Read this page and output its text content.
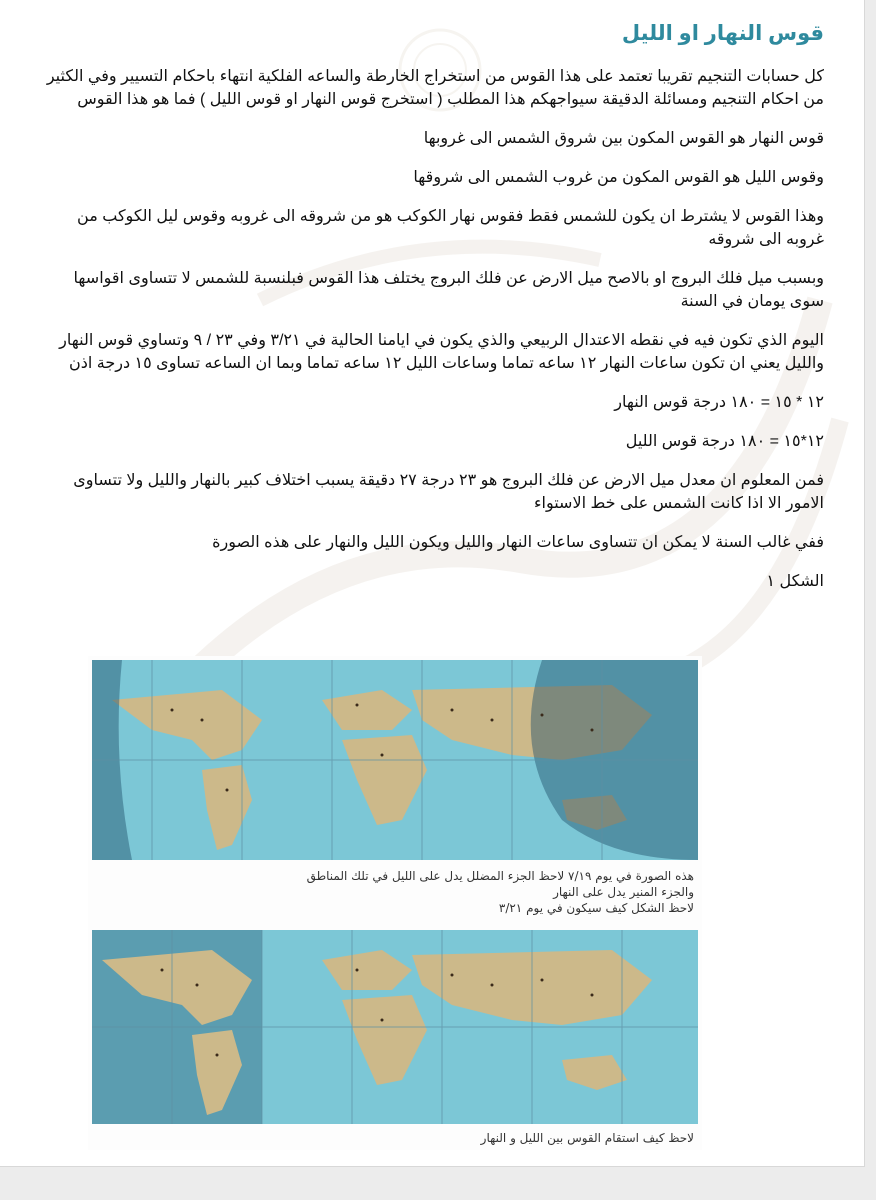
قوس النهار او الليل

كل حسابات التنجيم تقريبا تعتمد على هذا القوس من استخراج الخارطة والساعه الفلكية انتهاء باحكام التسيير وفي الكثير من احكام التنجيم ومسائلة الدقيقة سيواجهكم هذا المطلب ( استخرج قوس النهار او قوس الليل ) فما هو هذا القوس

قوس النهار هو القوس المكون بين شروق الشمس الى غروبها

وقوس الليل هو القوس المكون من غروب الشمس الى شروقها

وهذا القوس لا يشترط ان يكون للشمس فقط فقوس نهار الكوكب هو من شروقه الى غروبه وقوس ليل الكوكب من غروبه الى شروقه

وبسبب ميل فلك البروج او بالاصح ميل الارض عن فلك البروج يختلف هذا القوس فبلنسبة للشمس لا تتساوى اقواسها سوى يومان في السنة

اليوم الذي تكون فيه في نقطه الاعتدال الربيعي والذي يكون في ايامنا الحالية في ٣/٢١ وفي ٢٣ / ٩ وتساوي قوس النهار والليل يعني ان تكون ساعات النهار ١٢ ساعه تماما وساعات الليل ١٢ ساعه تماما وبما ان الساعه تساوى ١٥ درجة اذن

١٢ * ١٥ = ١٨٠ درجة قوس النهار

١٢*١٥ = ١٨٠ درجة قوس الليل

فمن المعلوم ان معدل ميل الارض عن فلك البروج هو ٢٣ درجة ٢٧ دقيقة يسبب اختلاف كبير بالنهار والليل ولا تتساوى الامور الا اذا كانت الشمس على خط الاستواء

ففي غالب السنة لا يمكن ان تتساوى ساعات النهار والليل ويكون الليل والنهار على هذه الصورة

الشكل ١

هذه الصورة في يوم ٧/١٩ لاحظ الجزء المضلل يدل على الليل في تلك المناطق
والجزء المنير يدل على النهار
لاحظ الشكل كيف سيكون في يوم ٣/٢١
لاحظ كيف استقام القوس بين الليل و النهار
